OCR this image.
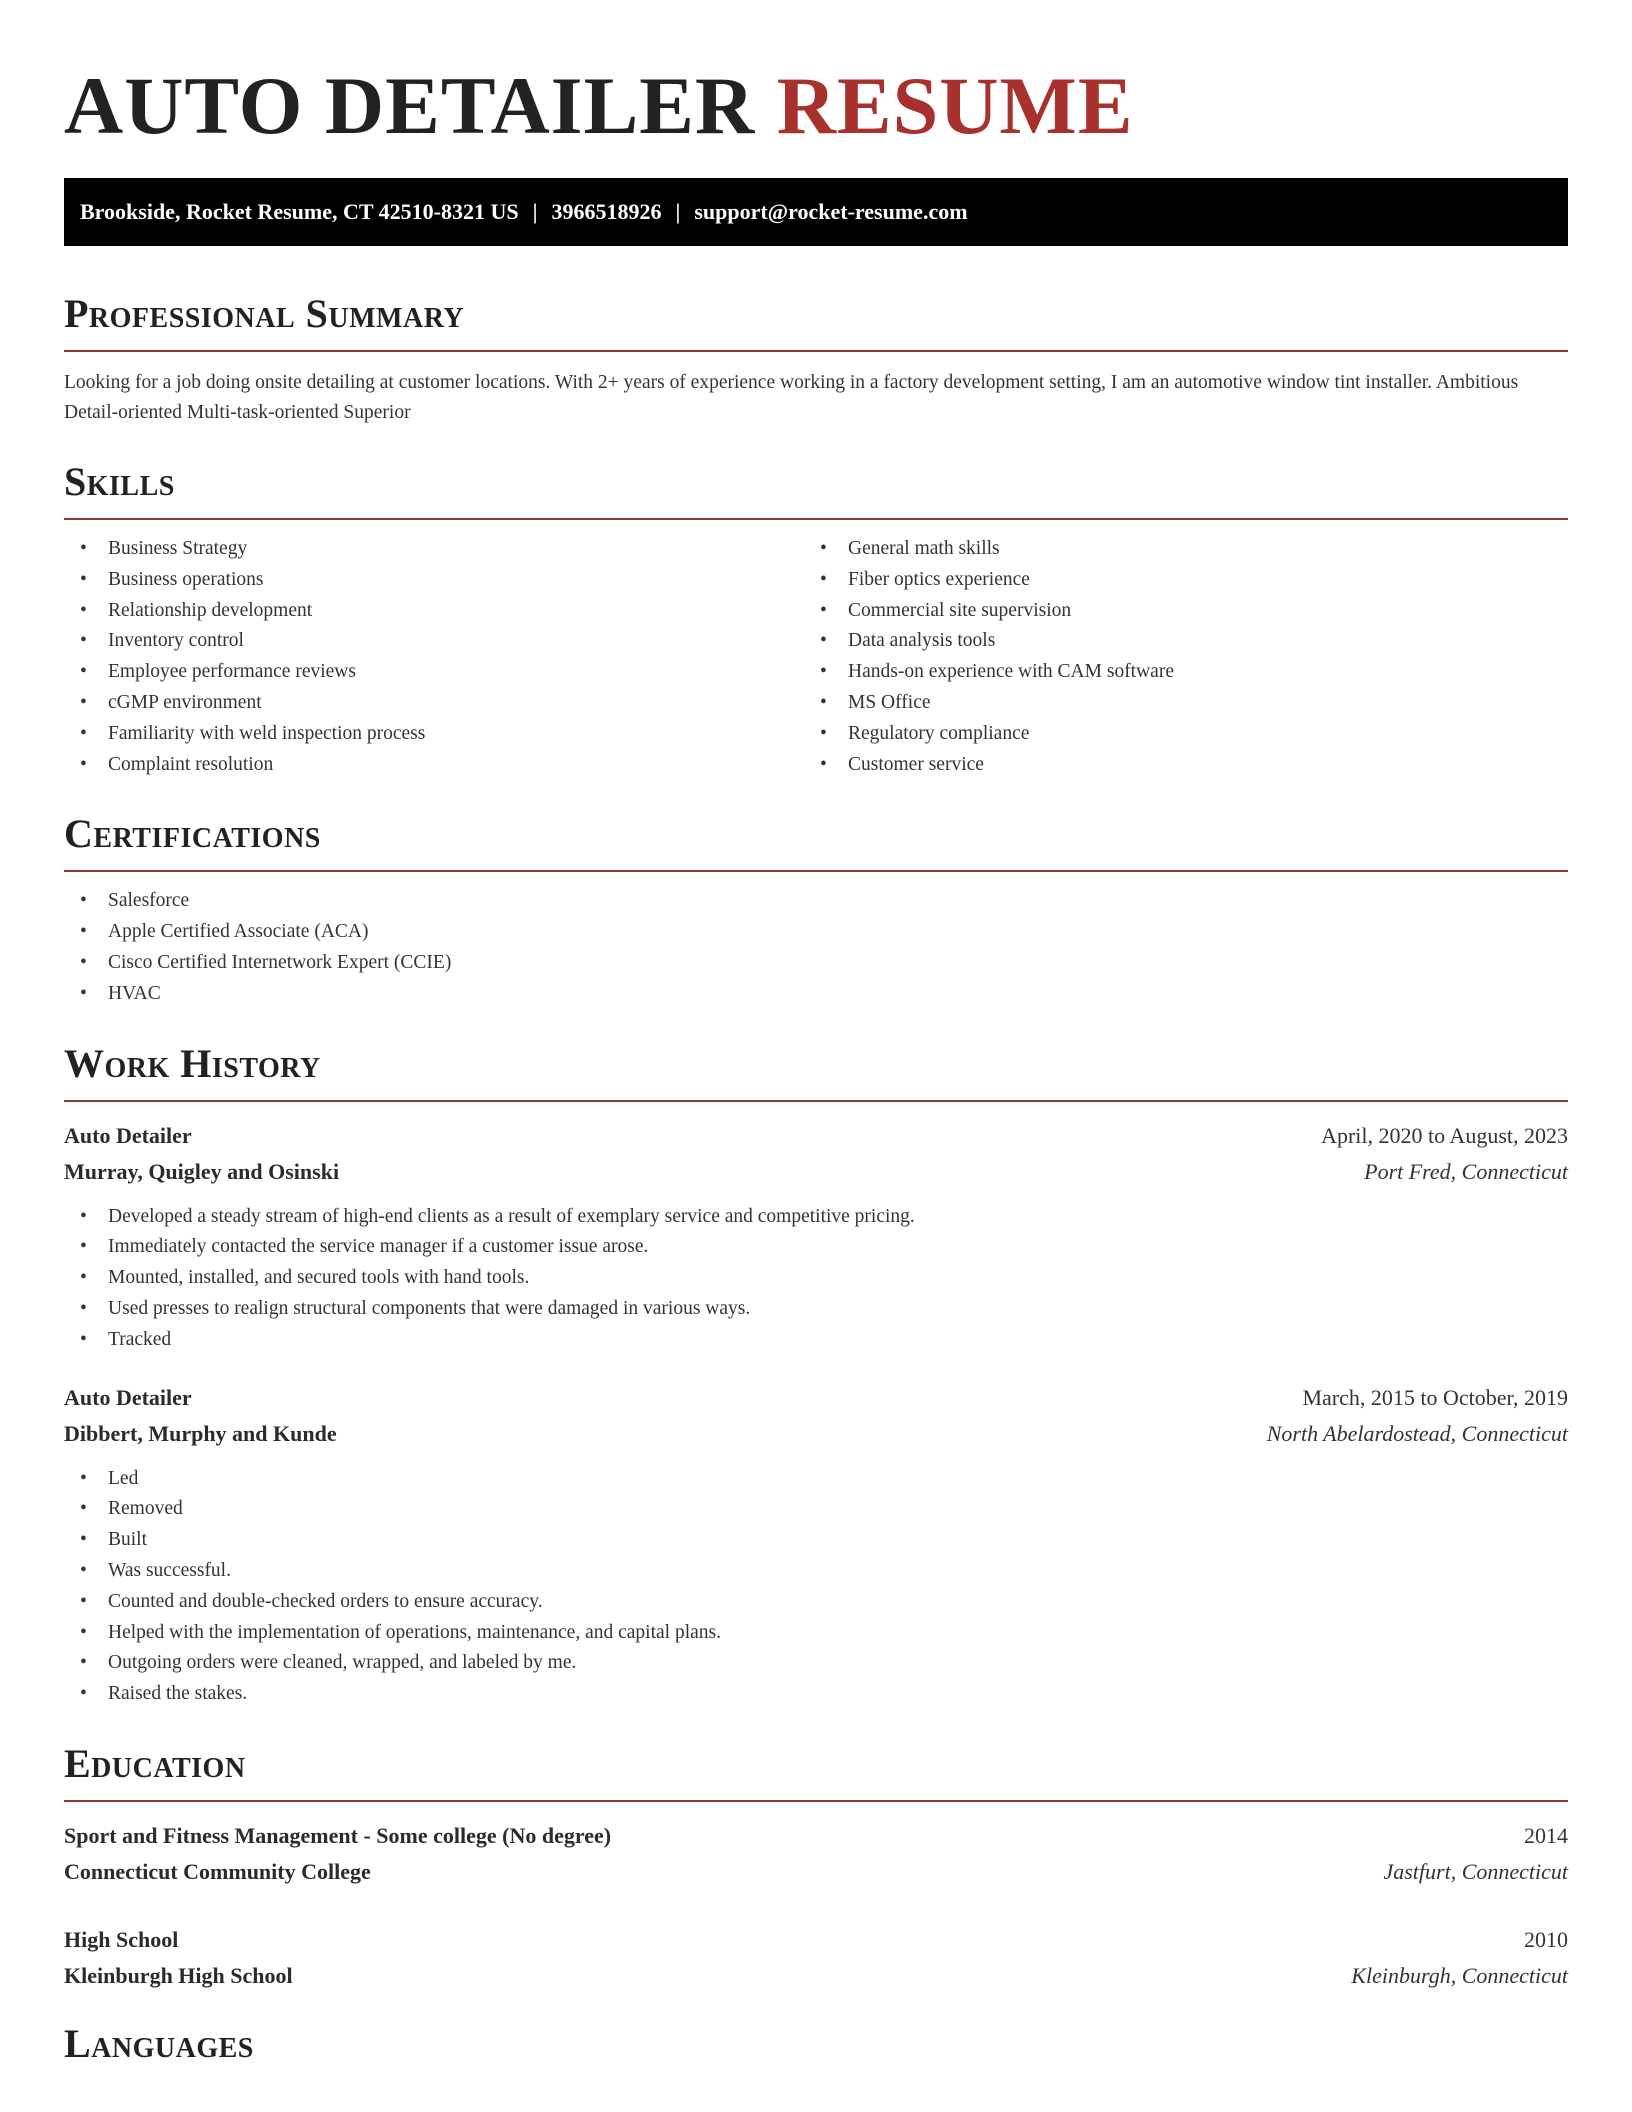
AUTO DETAILER RESUME
Brookside, Rocket Resume, CT 42510-8321 US | 3966518926 | support@rocket-resume.com
Professional Summary

Looking for a job doing onsite detailing at customer locations. With 2+ years of experience working in a factory development setting, I am an automotive window tint installer. Ambitious Detail-oriented Multi-task-oriented Superior

Skills
• Business Strategy
• Business operations
• Relationship development
• Inventory control
• Employee performance reviews
• cGMP environment
• Familiarity with weld inspection process
• Complaint resolution
• General math skills
• Fiber optics experience
• Commercial site supervision
• Data analysis tools
• Hands-on experience with CAM software
• MS Office
• Regulatory compliance
• Customer service
Certifications
• Salesforce
• Apple Certified Associate (ACA)
• Cisco Certified Internetwork Expert (CCIE)
• HVAC
Work History
Auto Detailer	April, 2020 to August, 2023
Murray, Quigley and Osinski	Port Fred, Connecticut
• Developed a steady stream of high-end clients as a result of exemplary service and competitive pricing.
• Immediately contacted the service manager if a customer issue arose.
• Mounted, installed, and secured tools with hand tools.
• Used presses to realign structural components that were damaged in various ways.
• Tracked
Auto Detailer	March, 2015 to October, 2019
Dibbert, Murphy and Kunde	North Abelardostead, Connecticut
• Led
• Removed
• Built
• Was successful.
• Counted and double-checked orders to ensure accuracy.
• Helped with the implementation of operations, maintenance, and capital plans.
• Outgoing orders were cleaned, wrapped, and labeled by me.
• Raised the stakes.
Education
Sport and Fitness Management - Some college (No degree)	2014
Connecticut Community College	Jastfurt, Connecticut
High School	2010
Kleinburgh High School	Kleinburgh, Connecticut
Languages
